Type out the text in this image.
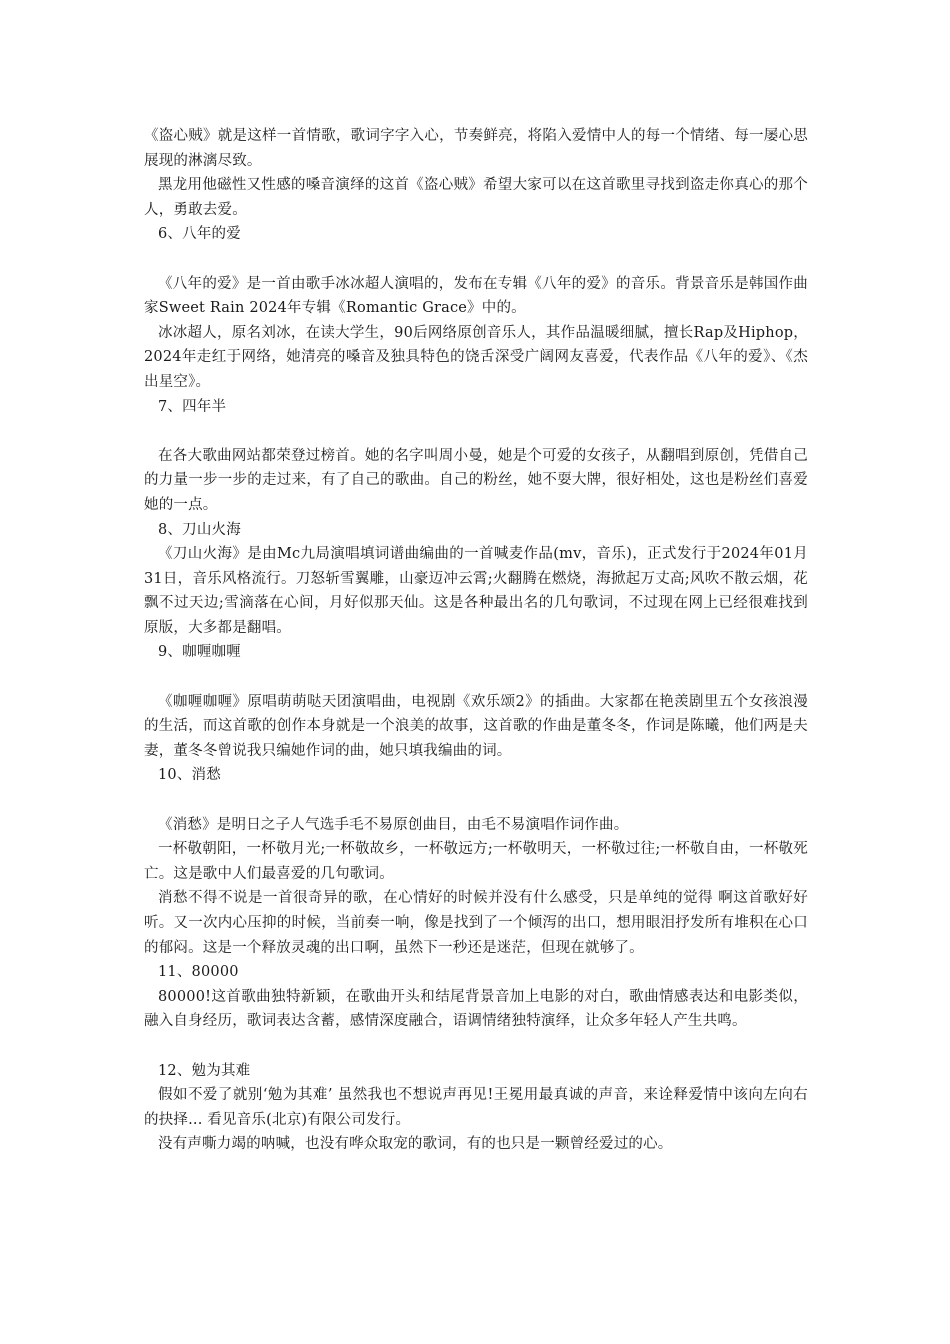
《盗心贼》就是这样一首情歌，歌词字字入心，节奏鲜亮，将陷入爱情中人的每一个情绪、每一屡心思展现的淋漓尽致。

黑龙用他磁性又性感的嗓音演绎的这首《盗心贼》希望大家可以在这首歌里寻找到盗走你真心的那个人，勇敢去爱。

6、八年的爱

《八年的爱》是一首由歌手冰冰超人演唱的，发布在专辑《八年的爱》的音乐。背景音乐是韩国作曲家Sweet Rain 2024年专辑《Romantic Grace》中的。

冰冰超人，原名刘冰，在读大学生，90后网络原创音乐人，其作品温暖细腻，擅长Rap及Hiphop，2024年走红于网络，她清亮的嗓音及独具特色的饶舌深受广阔网友喜爱，代表作品《八年的爱》、《杰出星空》。

7、四年半

在各大歌曲网站都荣登过榜首。她的名字叫周小曼，她是个可爱的女孩子，从翻唱到原创，凭借自己的力量一步一步的走过来，有了自己的歌曲。自己的粉丝，她不耍大牌，很好相处，这也是粉丝们喜爱她的一点。

8、刀山火海

《刀山火海》是由Mc九局演唱填词谱曲编曲的一首喊麦作品(mv，音乐)，正式发行于2024年01月31日，音乐风格流行。刀怒斩雪翼雕，山豪迈冲云霄;火翻腾在燃烧，海掀起万丈高;风吹不散云烟，花飘不过天边;雪滴落在心间，月好似那天仙。这是各种最出名的几句歌词，不过现在网上已经很难找到原版，大多都是翻唱。

9、咖喱咖喱

《咖喱咖喱》原唱萌萌哒天团演唱曲，电视剧《欢乐颂2》的插曲。大家都在艳羡剧里五个女孩浪漫的生活，而这首歌的创作本身就是一个浪美的故事，这首歌的作曲是董冬冬，作词是陈曦，他们两是夫妻，董冬冬曾说我只编她作词的曲，她只填我编曲的词。

10、消愁

《消愁》是明日之子人气选手毛不易原创曲目，由毛不易演唱作词作曲。

一杯敬朝阳，一杯敬月光;一杯敬故乡，一杯敬远方;一杯敬明天，一杯敬过往;一杯敬自由，一杯敬死亡。这是歌中人们最喜爱的几句歌词。

消愁不得不说是一首很奇异的歌，在心情好的时候并没有什么感受，只是单纯的觉得 啊这首歌好好听。又一次内心压抑的时候，当前奏一响，像是找到了一个倾泻的出口，想用眼泪抒发所有堆积在心口的郁闷。这是一个释放灵魂的出口啊，虽然下一秒还是迷茫，但现在就够了。

11、80000

80000!这首歌曲独特新颖，在歌曲开头和结尾背景音加上电影的对白，歌曲情感表达和电影类似，融入自身经历，歌词表达含蓄，感情深度融合，语调情绪独特演绎，让众多年轻人产生共鸣。

12、勉为其难

假如不爱了就别‘勉为其难’ 虽然我也不想说声再见!王冕用最真诚的声音，来诠释爱情中该向左向右的抉择... 看见音乐(北京)有限公司发行。

没有声嘶力竭的呐喊，也没有哗众取宠的歌词，有的也只是一颗曾经爱过的心。
